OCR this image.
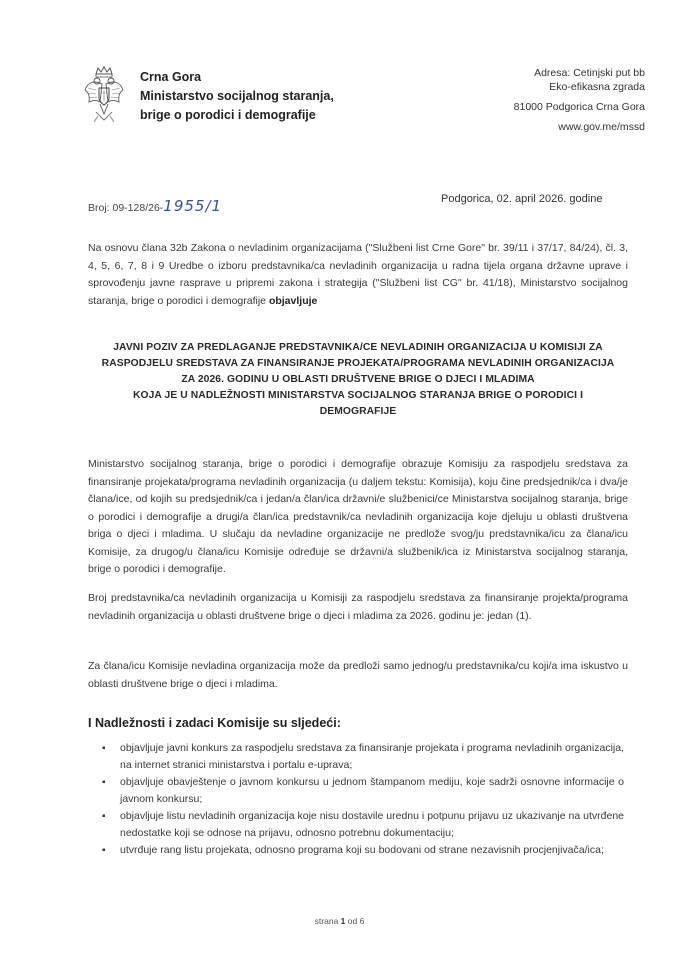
Crna Gora
Ministarstvo socijalnog staranja,
brige o porodici i demografije
Adresa: Cetinjski put bb
Eko-efikasna zgrada
81000 Podgorica Crna Gora
www.gov.me/mssd
Broj: 09-128/26-1955/1	Podgorica, 02. april 2026. godine
Na osnovu člana 32b Zakona o nevladinim organizacijama ("Službeni list Crne Gore" br. 39/11 i 37/17, 84/24), čl. 3, 4, 5, 6, 7, 8 i 9 Uredbe o izboru predstavnika/ca nevladinih organizacija u radna tijela organa državne uprave i sprovođenju javne rasprave u pripremi zakona i strategija ("Službeni list CG" br. 41/18), Ministarstvo socijalnog staranja, brige o porodici i demografije objavljuje
JAVNI POZIV ZA PREDLAGANJE PREDSTAVNIKA/CE NEVLADINIH ORGANIZACIJA U KOMISIJI ZA
RASPODJELU SREDSTAVA ZA FINANSIRANJE PROJEKATA/PROGRAMA NEVLADINIH ORGANIZACIJA
ZA 2026. GODINU U OBLASTI DRUŠTVENE BRIGE O DJECI I MLADIMA
KOJA JE U NADLEŽNOSTI MINISTARSTVA SOCIJALNOG STARANJA BRIGE O PORODICI I
DEMOGRAFIJE
Ministarstvo socijalnog staranja, brige o porodici i demografije obrazuje Komisiju za raspodjelu sredstava za finansiranje projekata/programa nevladinih organizacija (u daljem tekstu: Komisija), koju čine predsjednik/ca i dva/je člana/ice, od kojih su predsjednik/ca i jedan/a član/ica državni/e službenici/ce Ministarstva socijalnog staranja, brige o porodici i demografije a drugi/a član/ica predstavnik/ca nevladinih organizacija koje djeluju u oblasti društvena briga o djeci i mladima. U slučaju da nevladine organizacije ne predlože svog/ju predstavnika/icu za člana/icu Komisije, za drugog/u člana/icu Komisije određuje se državni/a službenik/ica iz Ministarstva socijalnog staranja, brige o porodici i demografije.
Broj predstavnika/ca nevladinih organizacija u Komisiji za raspodjelu sredstava za finansiranje projekta/programa nevladinih organizacija u oblasti društvene brige o djeci i mladima za 2026. godinu je: jedan (1).
Za člana/icu Komisije nevladina organizacija može da predloži samo jednog/u predstavnika/cu koji/a ima iskustvo u oblasti društvene brige o djeci i mladima.
I Nadležnosti i zadaci Komisije su sljedeći:
▪ objavljuje javni konkurs za raspodjelu sredstava za finansiranje projekata i programa nevladinih organizacija, na internet stranici ministarstva i portalu e-uprava;
▪ objavljuje obavještenje o javnom konkursu u jednom štampanom mediju, koje sadrži osnovne informacije o javnom konkursu;
▪ objavljuje listu nevladinih organizacija koje nisu dostavile urednu i potpunu prijavu uz ukazivanje na utvrđene nedostatke koji se odnose na prijavu, odnosno potrebnu dokumentaciju;
▪ utvrđuje rang listu projekata, odnosno programa koji su bodovani od strane nezavisnih procjenjivača/ica;
strana 1 od 6
